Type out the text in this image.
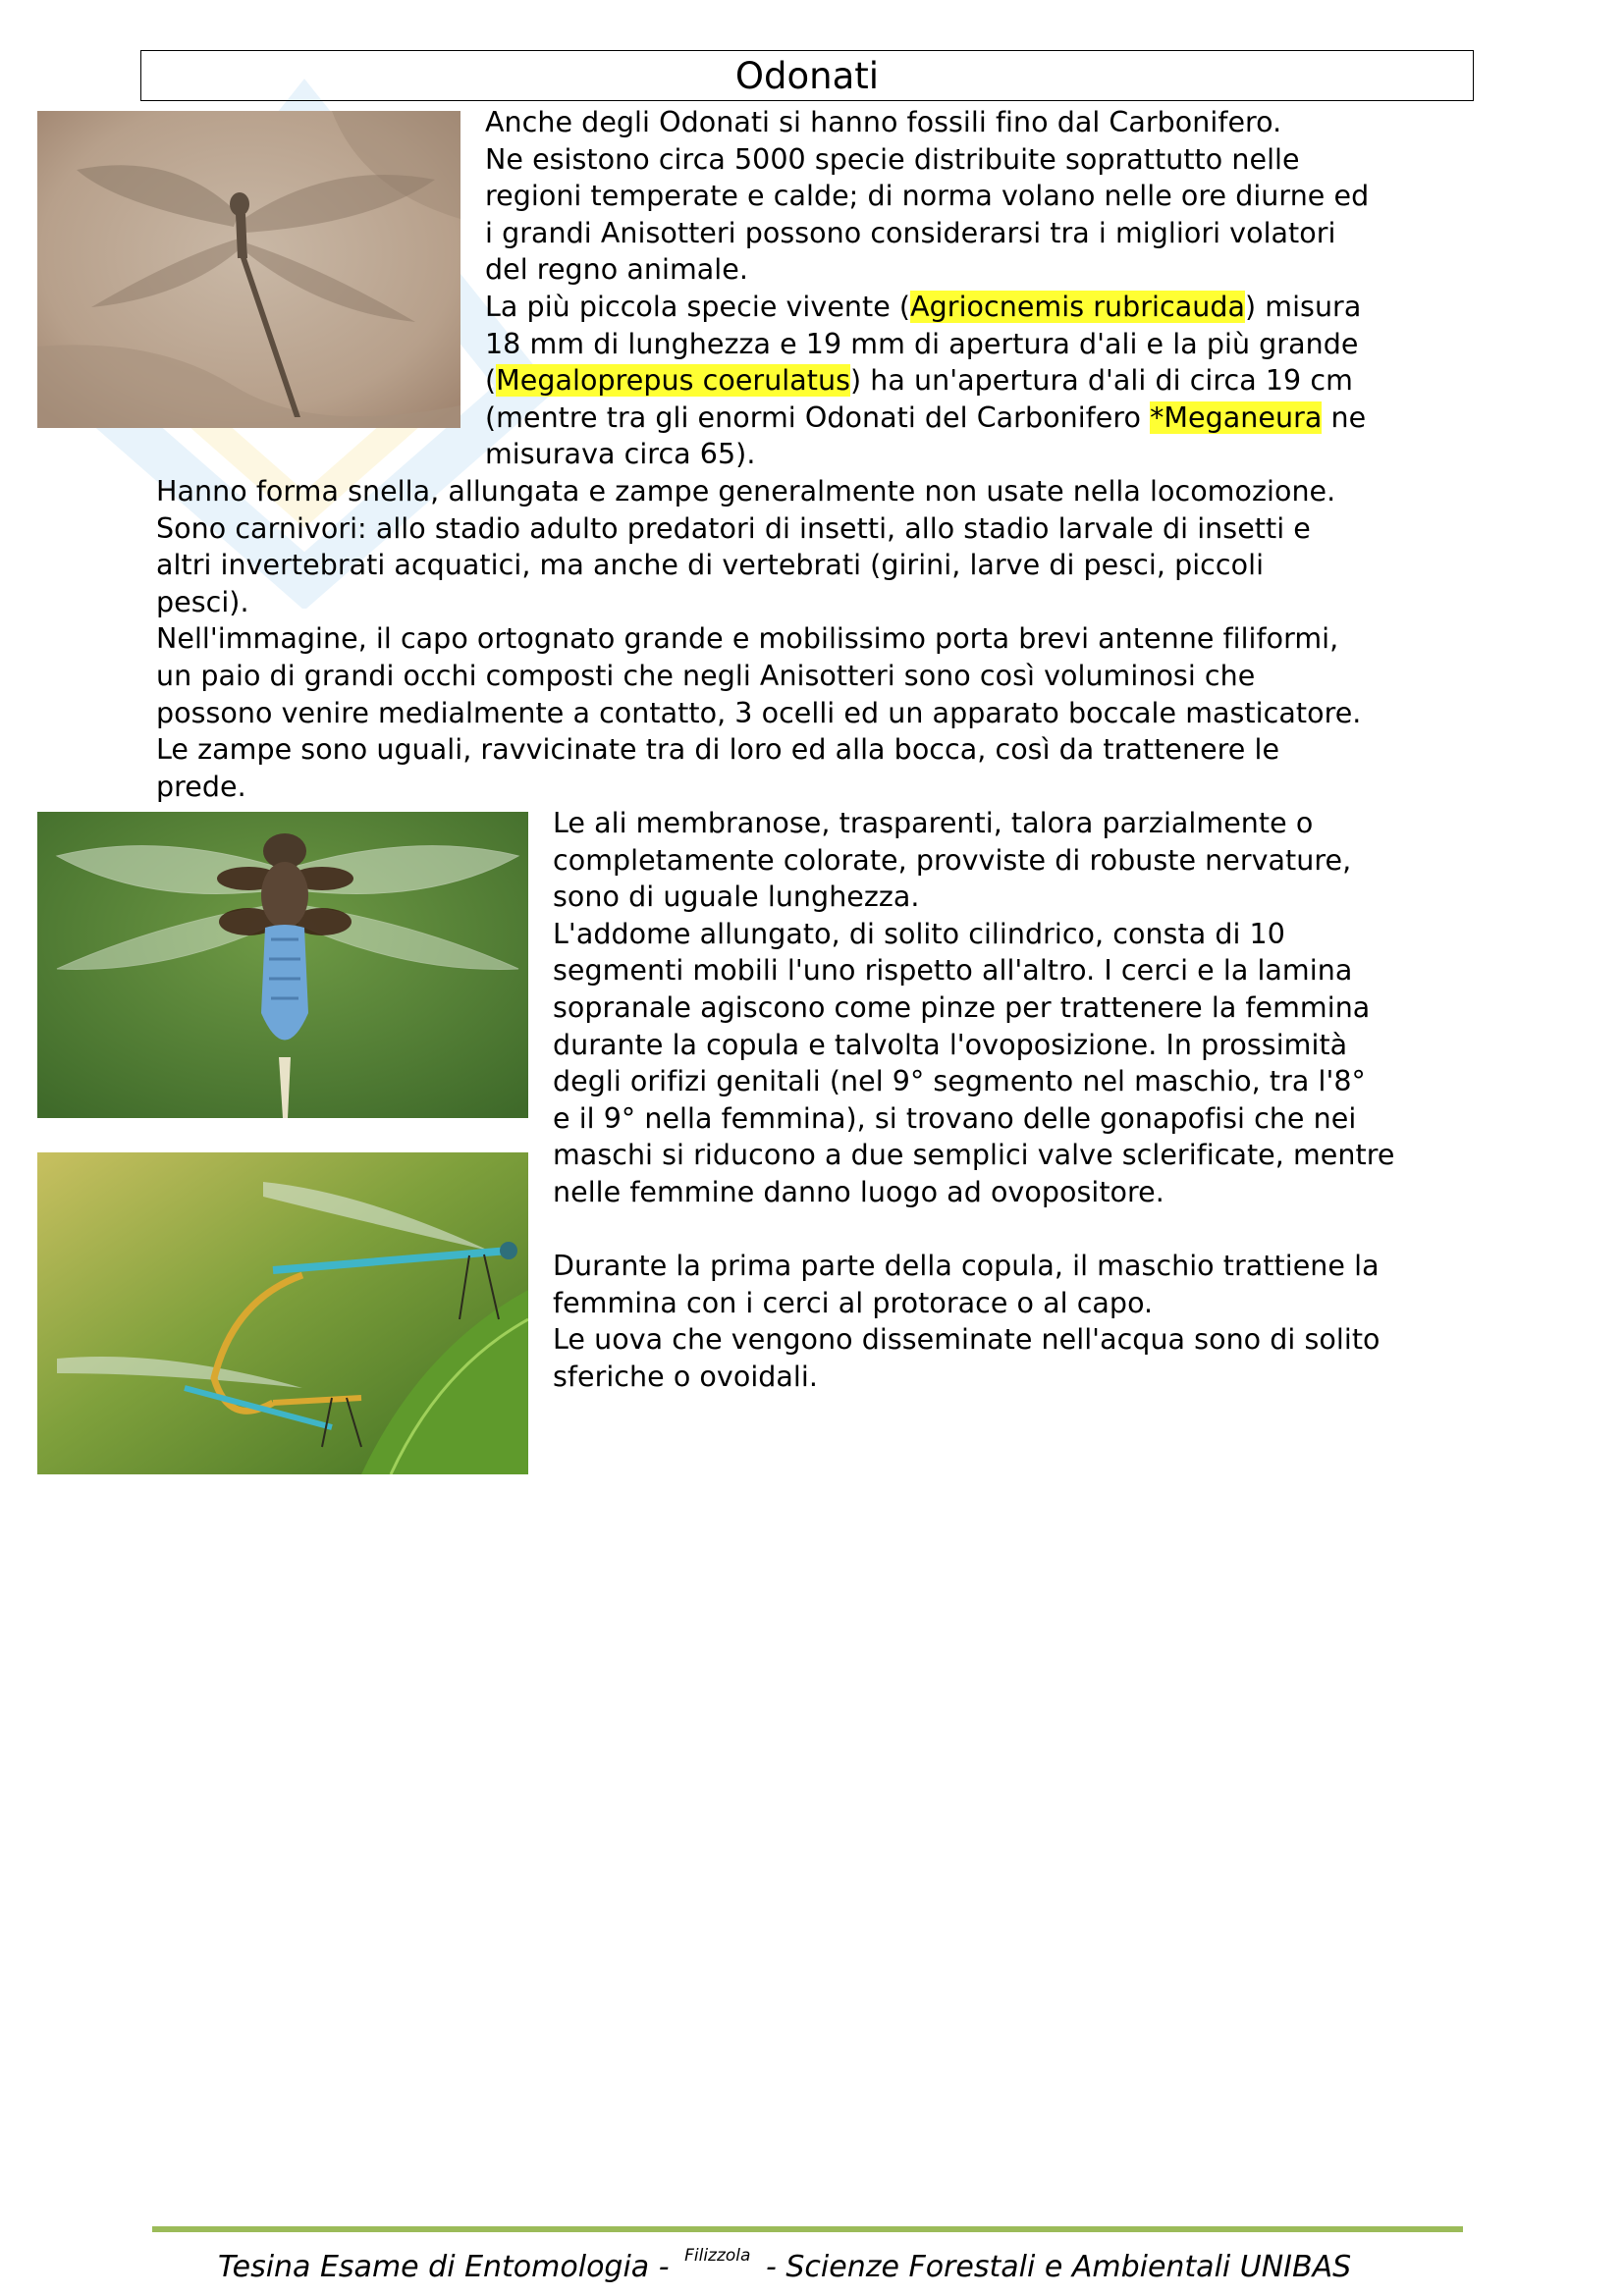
Odonati
Anche degli Odonati si hanno fossili fino dal Carbonifero.
Ne esistono circa 5000 specie distribuite soprattutto nelle
regioni temperate e calde; di norma volano nelle ore diurne ed
i grandi Anisotteri possono considerarsi tra i migliori volatori
del regno animale.
La più piccola specie vivente (Agriocnemis rubricauda) misura
18 mm di lunghezza e 19 mm di apertura d'ali e la più grande
(Megaloprepus coerulatus) ha un'apertura d'ali di circa 19 cm
(mentre tra gli enormi Odonati del Carbonifero *Meganeura ne
misurava circa 65).
Hanno forma snella, allungata e zampe generalmente non usate nella locomozione.
Sono carnivori: allo stadio adulto predatori di insetti, allo stadio larvale di insetti e
altri invertebrati acquatici, ma anche di vertebrati (girini, larve di pesci, piccoli
pesci).
Nell'immagine, il capo ortognato grande e mobilissimo porta brevi antenne filiformi,
un paio di grandi occhi composti che negli Anisotteri sono così voluminosi che
possono venire medialmente a contatto, 3 ocelli ed un apparato boccale masticatore.
Le zampe sono uguali, ravvicinate tra di loro ed alla bocca, così da trattenere le
prede.
Le ali membranose, trasparenti, talora parzialmente o
completamente colorate, provviste di robuste nervature,
sono di uguale lunghezza.
L'addome allungato, di solito cilindrico, consta di 10
segmenti mobili l'uno rispetto all'altro. I cerci e la lamina
sopranale agiscono come pinze per trattenere la femmina
durante la copula e talvolta l'ovoposizione. In prossimità
degli orifizi genitali (nel 9° segmento nel maschio, tra l'8°
e il 9° nella femmina), si trovano delle gonapofisi che nei
maschi si riducono a due semplici valve sclerificate, mentre
nelle femmine danno luogo ad ovopositore.

Durante la prima parte della copula, il maschio trattiene la
femmina con i cerci al protorace o al capo.
Le uova che vengono disseminate nell'acqua sono di solito
sferiche o ovoidali.
Tesina Esame di Entomologia - $^{Filizzola}$ - Scienze Forestali e Ambientali UNIBAS
